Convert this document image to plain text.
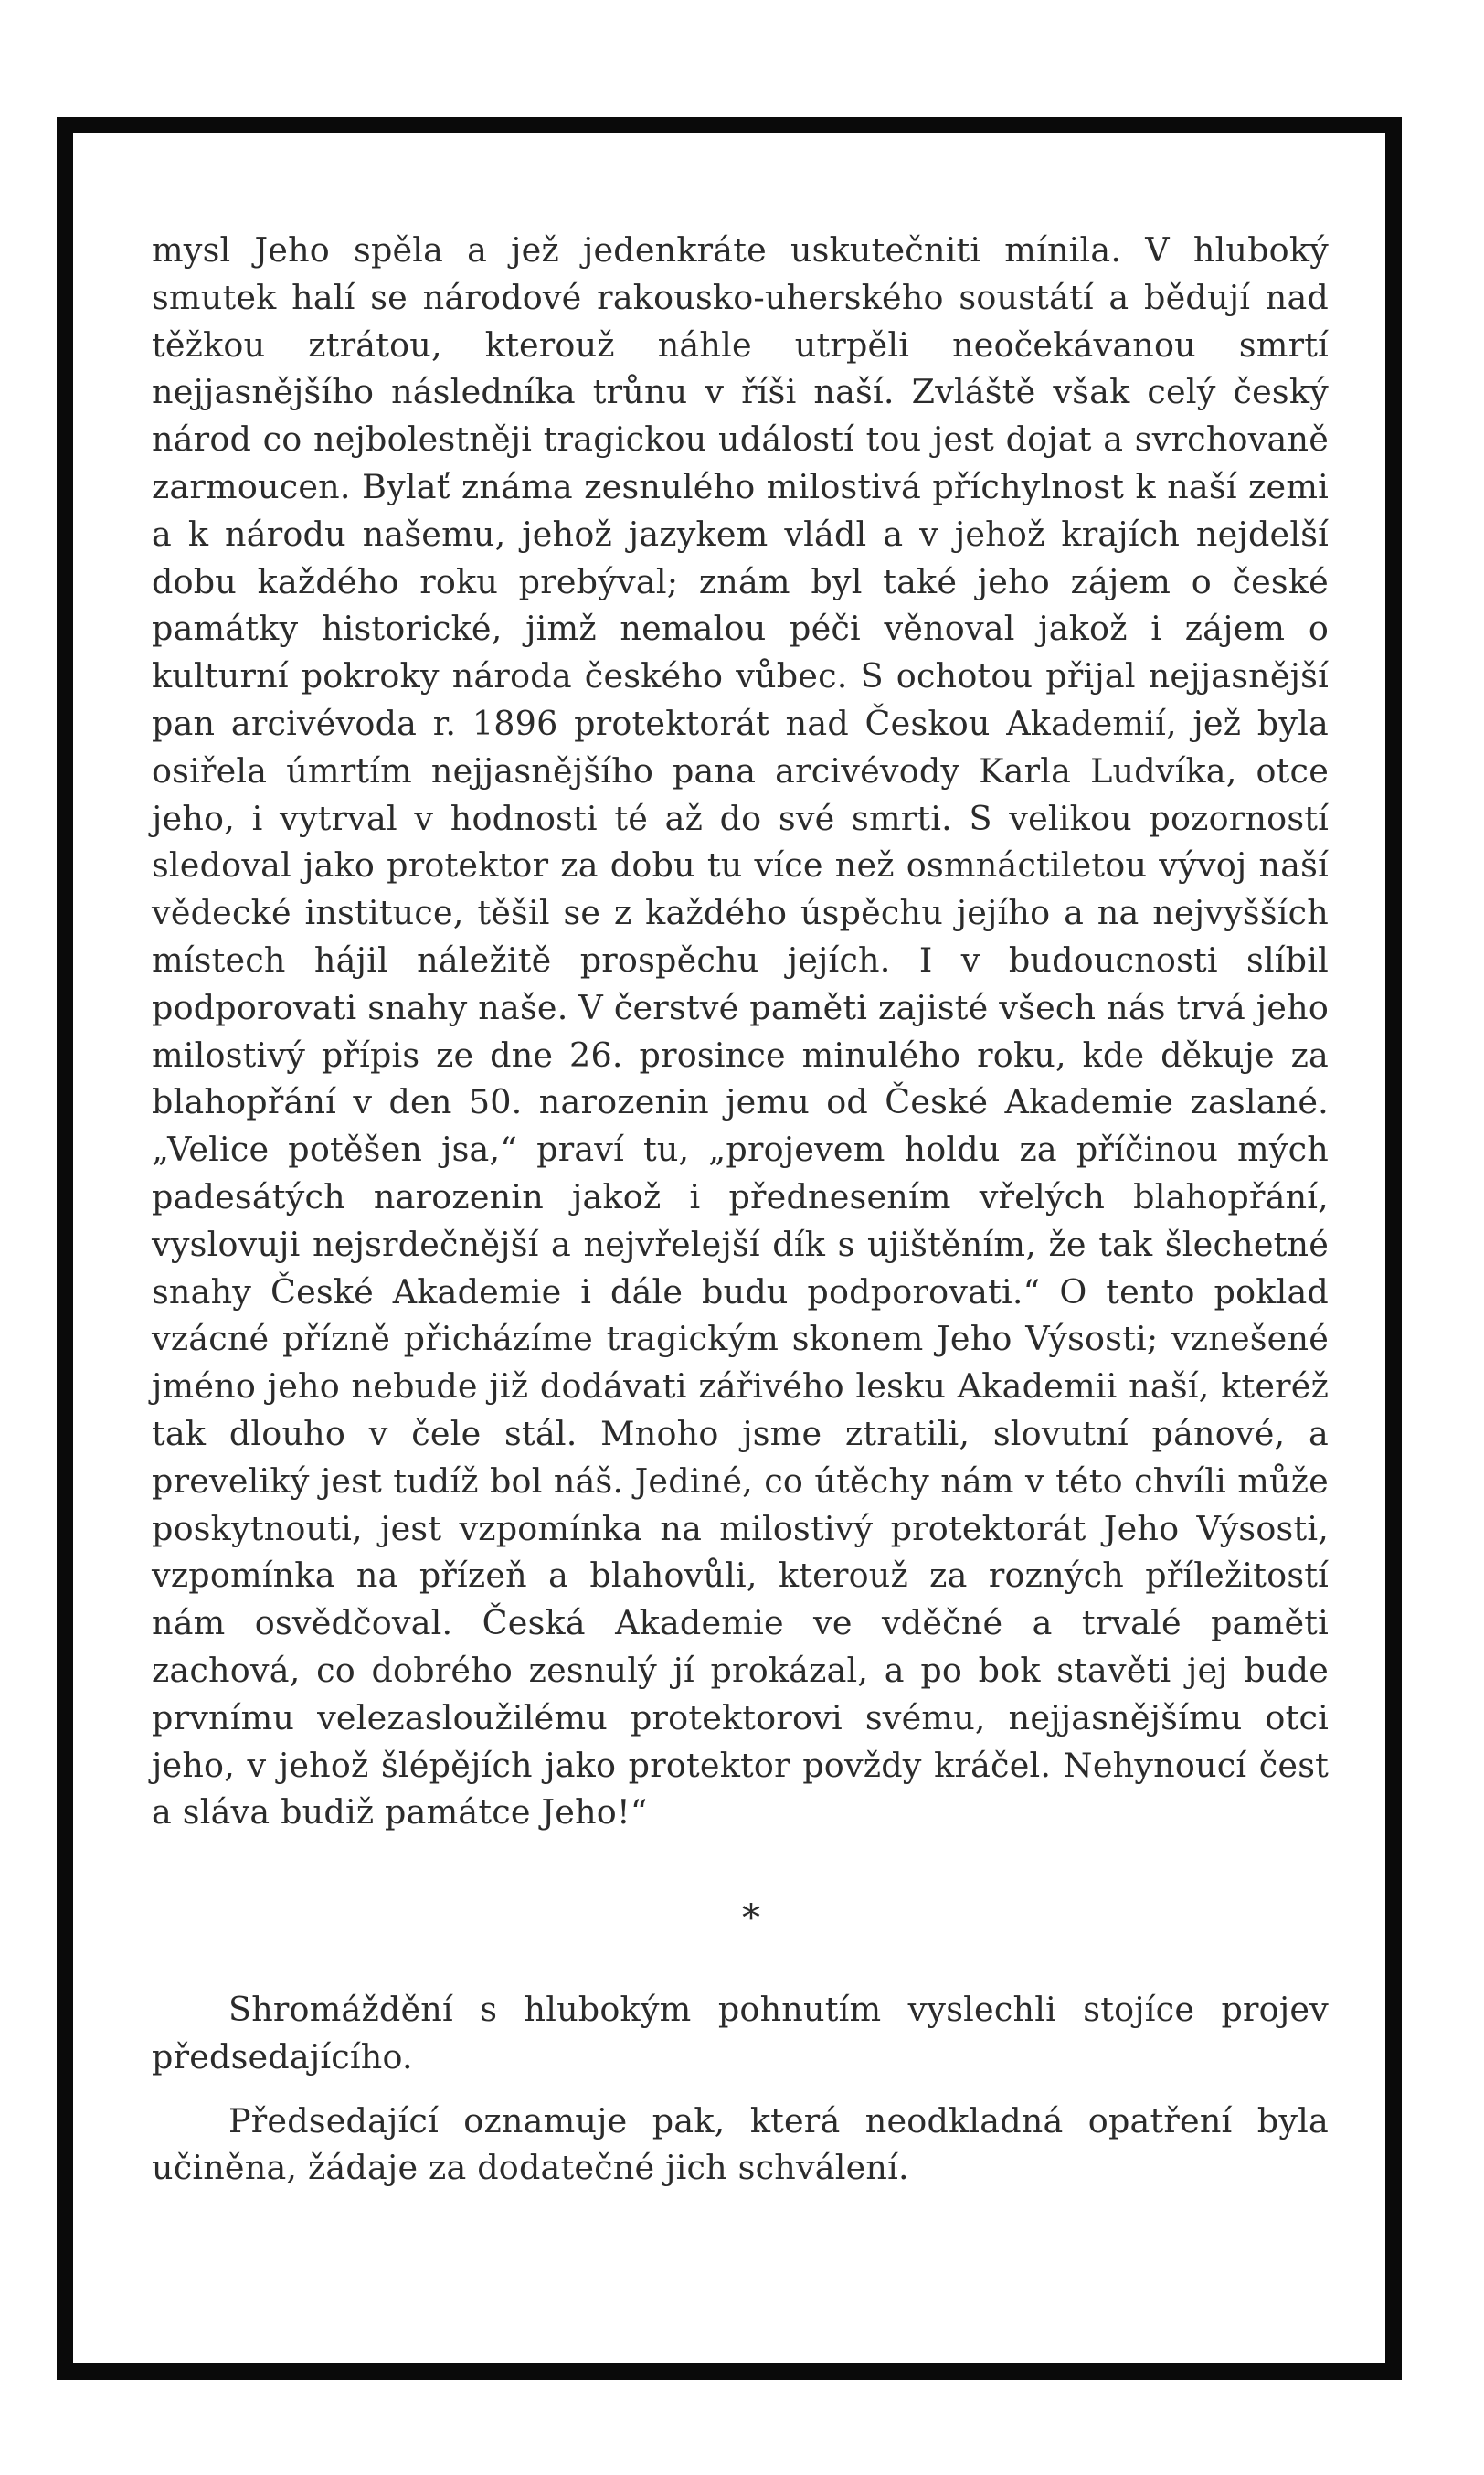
mysl Jeho spěla a jež jedenkráte uskutečniti mínila. V hluboký smutek halí se národové rakousko-uherského soustátí a bědují nad těžkou ztrátou, kterouž náhle utrpěli neočekávanou smrtí nejjasnějšího následníka trůnu v říši naší. Zvláště však celý český národ co nejbolestněji tragickou událostí tou jest dojat a svrchovaně zarmoucen. Bylať známa zesnulého milostivá příchylnost k naší zemi a k národu našemu, jehož jazykem vládl a v jehož krajích nejdelší dobu každého roku prebýval; znám byl také jeho zájem o české památky historické, jimž nemalou péči věnoval jakož i zájem o kulturní pokroky národa českého vůbec. S ochotou přijal nejjasnější pan arcivévoda r. 1896 protektorát nad Českou Akademií, jež byla osiřela úmrtím nejjasnějšího pana arcivévody Karla Ludvíka, otce jeho, i vytrval v hodnosti té až do své smrti. S velikou pozorností sledoval jako protektor za dobu tu více než osmnáctiletou vývoj naší vědecké instituce, těšil se z každého úspěchu jejího a na nejvyšších místech hájil náležitě prospěchu jejích. I v budoucnosti slíbil podporovati snahy naše. V čerstvé paměti zajisté všech nás trvá jeho milostivý přípis ze dne 26. prosince minulého roku, kde děkuje za blahopřání v den 50. narozenin jemu od České Akademie zaslané. „Velice potěšen jsa,“ praví tu, „projevem holdu za příčinou mých padesátých narozenin jakož i přednesením vřelých blahopřání, vyslovuji nejsrdečnější a nejvřelejší dík s ujištěním, že tak šlechetné snahy České Akademie i dále budu podporovati.“ O tento poklad vzácné přízně přicházíme tragickým skonem Jeho Výsosti; vznešené jméno jeho nebude již dodávati zářivého lesku Akademii naší, kteréž tak dlouho v čele stál. Mnoho jsme ztratili, slovutní pánové, a preveliký jest tudíž bol náš. Jediné, co útěchy nám v této chvíli může poskytnouti, jest vzpomínka na milostivý protektorát Jeho Výsosti, vzpomínka na přízeň a blahovůli, kterouž za rozných příležitostí nám osvědčoval. Česká Akademie ve vděčné a trvalé paměti zachová, co dobrého zesnulý jí prokázal, a po bok stavěti jej bude prvnímu velezasloužilému protektorovi svému, nejjasnějšímu otci jeho, v jehož šlépějích jako protektor povždy kráčel. Nehynoucí čest a sláva budiž památce Jeho!“

*

Shromáždění s hlubokým pohnutím vyslechli stojíce projev předsedajícího.

Předsedající oznamuje pak, která neodkladná opatření byla učiněna, žádaje za dodatečné jich schválení.
